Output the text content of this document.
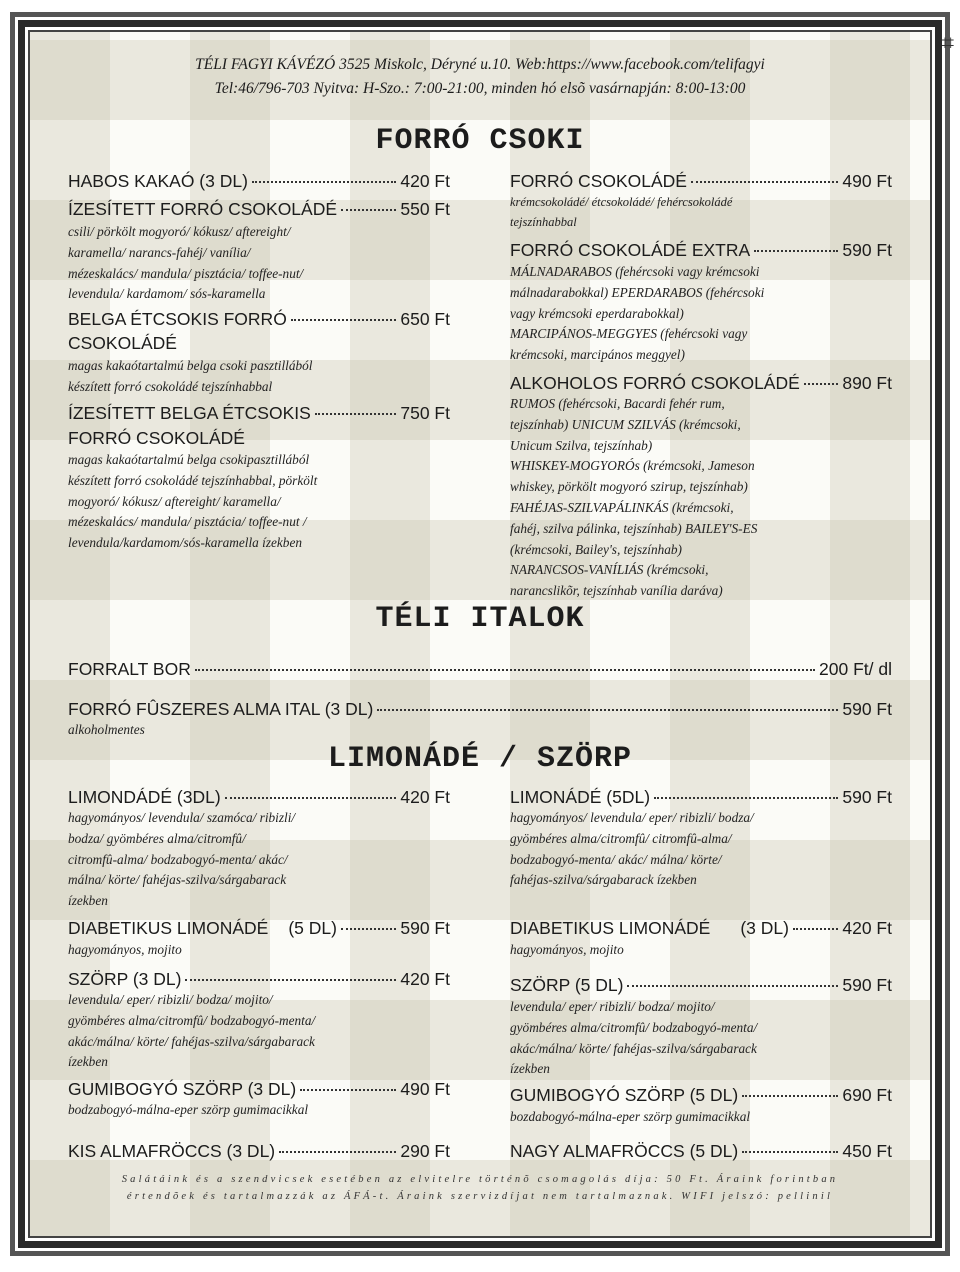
⌗
TÉLI FAGYI KÁVÉZÓ 3525 Miskolc, Déryné u.10. Web:https://www.facebook.com/telifagyi
Tel:46/796-703 Nyitva: H-Szo.: 7:00-21:00, minden hó elsõ vasárnapján: 8:00-13:00
FORRÓ CSOKI
HABOS KAKAÓ (3 DL)	420 Ft
ÍZESÍTETT FORRÓ CSOKOLÁDÉ	550 Ft
csili/ pörkölt mogyoró/ kókusz/ aftereight/
karamella/ narancs-fahéj/ vanília/
mézeskalács/ mandula/ pisztácia/ toffee-nut/
levendula/ kardamom/ sós-karamella
BELGA ÉTCSOKIS FORRÓ	650 Ft
CSOKOLÁDÉ
magas kakaótartalmú belga csoki pasztillából
készített forró csokoládé tejszínhabbal
ÍZESÍTETT BELGA ÉTCSOKIS	750 Ft
FORRÓ CSOKOLÁDÉ
magas kakaótartalmú belga csokipasztillából
készített forró csokoládé tejszínhabbal, pörkölt
mogyoró/ kókusz/ aftereight/ karamella/
mézeskalács/ mandula/ pisztácia/ toffee-nut /
levendula/kardamom/sós-karamella ízekben
FORRÓ CSOKOLÁDÉ	490 Ft
krémcsokoládé/ étcsokoládé/ fehércsokoládé
tejszínhabbal
FORRÓ CSOKOLÁDÉ EXTRA	590 Ft
MÁLNADARABOS (fehércsoki vagy krémcsoki
málnadarabokkal) EPERDARABOS (fehércsoki
vagy krémcsoki eperdarabokkal)
MARCIPÁNOS-MEGGYES (fehércsoki vagy
krémcsoki, marcipános meggyel)
ALKOHOLOS FORRÓ CSOKOLÁDÉ 890 Ft
RUMOS (fehércsoki, Bacardi fehér rum,
tejszínhab) UNICUM SZILVÁS (krémcsoki,
Unicum Szilva, tejszínhab)
WHISKEY-MOGYORÓs (krémcsoki, Jameson
whiskey, pörkölt mogyoró szirup, tejszínhab)
FAHÉJAS-SZILVAPÁLINKÁS (krémcsoki,
fahéj, szilva pálinka, tejszínhab) BAILEY'S-ES
(krémcsoki, Bailey's, tejszínhab)
NARANCSOS-VANÍLIÁS (krémcsoki,
narancslikõr, tejszínhab vanília daráva)
TÉLI ITALOK
FORRALT BOR	200 Ft/ dl
FORRÓ FÛSZERES ALMA ITAL (3 DL)	590 Ft
alkoholmentes
LIMONÁDÉ / SZÖRP
LIMONDÁDÉ (3DL)	420 Ft
hagyományos/ levendula/ szamóca/ ribizli/
bodza/ gyömbéres alma/citromfû/
citromfû-alma/ bodzabogyó-menta/ akác/
málna/ körte/ fahéjas-szilva/sárgabarack
ízekben
DIABETIKUS LIMONÁDÉ (5 DL)	590 Ft
hagyományos, mojito
SZÖRP (3 DL)	420 Ft
levendula/ eper/ ribizli/ bodza/ mojito/
gyömbéres alma/citromfû/ bodzabogyó-menta/
akác/málna/ körte/ fahéjas-szilva/sárgabarack
ízekben
GUMIBOGYÓ SZÖRP (3 DL)	490 Ft
bodzabogyó-málna-eper szörp gumimacikkal
KIS ALMAFRÖCCS (3 DL)	290 Ft
LIMONÁDÉ (5DL)	590 Ft
hagyományos/ levendula/ eper/ ribizli/ bodza/
gyömbéres alma/citromfû/ citromfû-alma/
bodzabogyó-menta/ akác/ málna/ körte/
fahéjas-szilva/sárgabarack ízekben
DIABETIKUS LIMONÁDÉ (3 DL)	420 Ft
hagyományos, mojito
SZÖRP (5 DL)	590 Ft
levendula/ eper/ ribizli/ bodza/ mojito/
gyömbéres alma/citromfû/ bodzabogyó-menta/
akác/málna/ körte/ fahéjas-szilva/sárgabarack
ízekben
GUMIBOGYÓ SZÖRP (5 DL)	690 Ft
bozdabogyó-málna-eper szörp gumimacikkal
NAGY ALMAFRÖCCS (5 DL)	450 Ft
Salátáink és a szendvicsek esetében az elvitelre történõ csomagolás díja: 50 Ft. Áraink forintban
értendõek és tartalmazzák az ÁFÁ-t. Áraink szervizdíjat nem tartalmaznak. WIFI jelszó: pellinil
